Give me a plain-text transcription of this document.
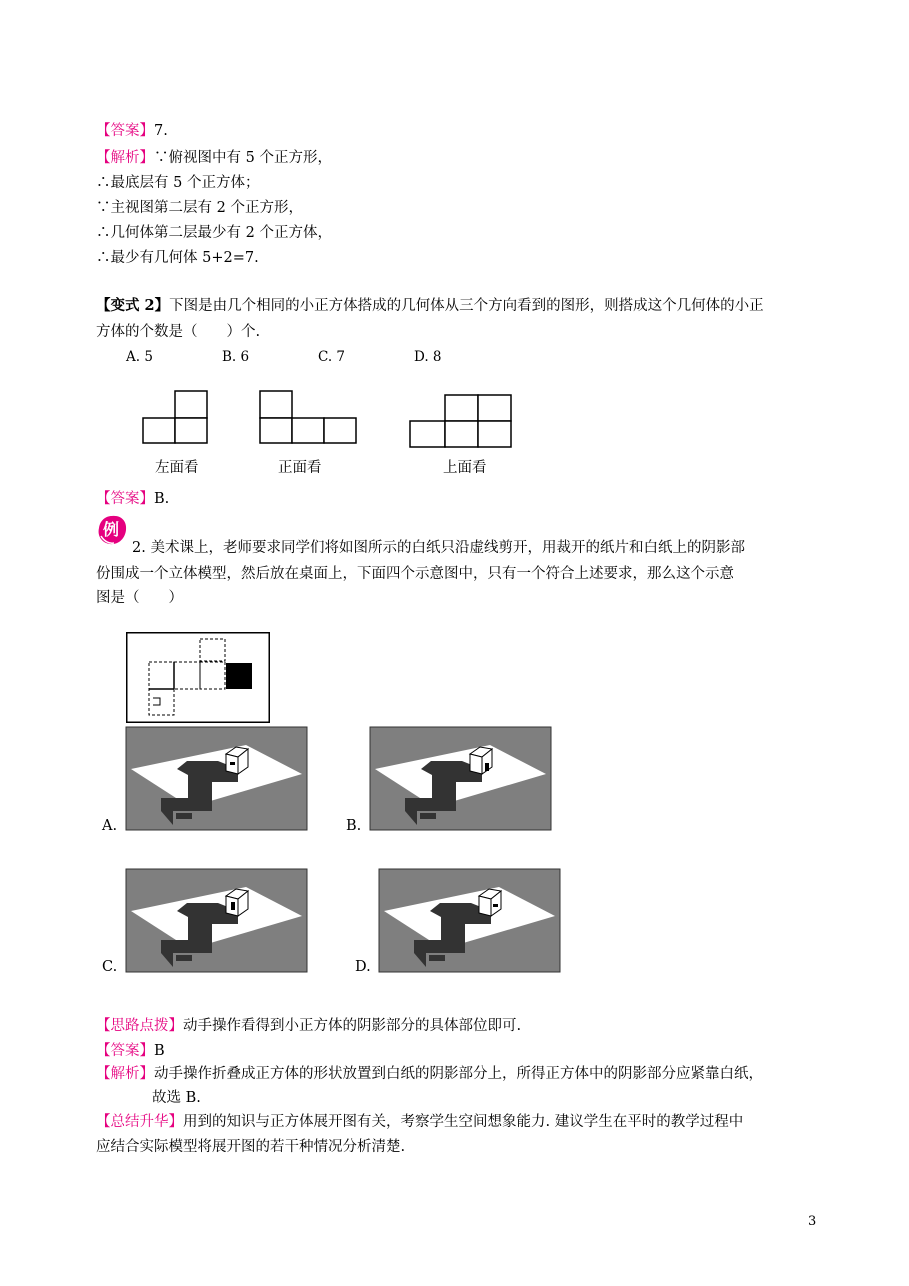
【答案】7.
【解析】∵俯视图中有 5 个正方形，
∴最底层有 5 个正方体；
∵主视图第二层有 2 个正方形，
∴几何体第二层最少有 2 个正方体，
∴最少有几何体 5+2=7.
【变式 2】下图是由几个相同的小正方体搭成的几何体从三个方向看到的图形，则搭成这个几何体的小正
方体的个数是（　　）个.
A. 5	B. 6	C. 7	D. 8
左面看	正面看	上面看
【答案】B.
例
2. 美术课上，老师要求同学们将如图所示的白纸只沿虚线剪开，用裁开的纸片和白纸上的阴影部
份围成一个立体模型，然后放在桌面上，下面四个示意图中，只有一个符合上述要求，那么这个示意
图是（　　）
A.	B.
C.	D.
【思路点拨】动手操作看得到小正方体的阴影部分的具体部位即可.
【答案】B
【解析】动手操作折叠成正方体的形状放置到白纸的阴影部分上，所得正方体中的阴影部分应紧靠白纸，
故选 B.
【总结升华】用到的知识与正方体展开图有关，考察学生空间想象能力. 建议学生在平时的教学过程中
应结合实际模型将展开图的若干种情况分析清楚.
3
